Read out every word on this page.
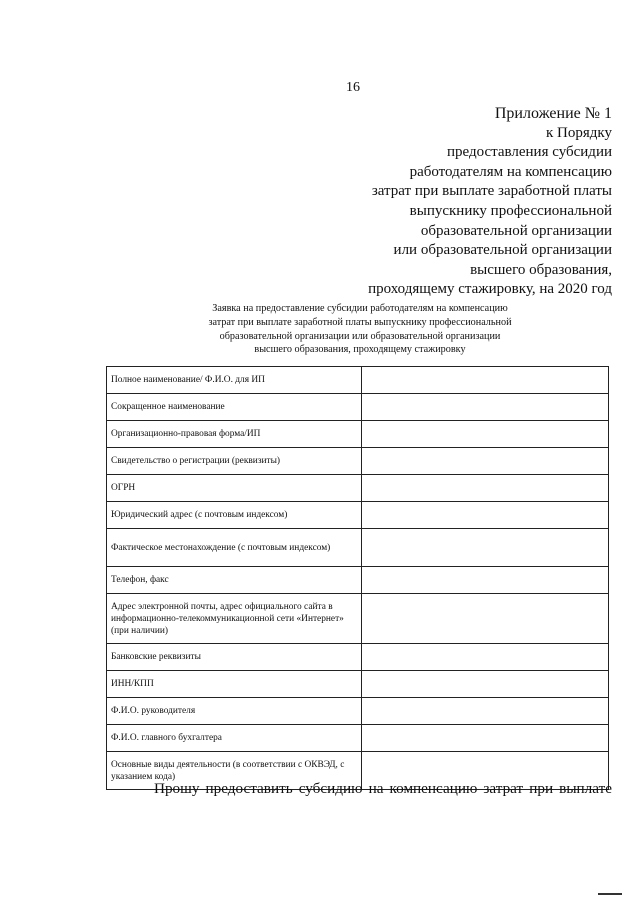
16
Приложение № 1
к Порядку
предоставления субсидии
работодателям на компенсацию
затрат при выплате заработной платы
выпускнику профессиональной
образовательной организации
или образовательной организации
высшего образования,
проходящему стажировку, на 2020 год
Заявка на предоставление субсидии работодателям на компенсацию
затрат при выплате заработной платы выпускнику профессиональной
образовательной организации или образовательной организации
высшего образования, проходящему стажировку
Полное наименование/ Ф.И.О. для ИП	
Сокращенное наименование	
Организационно-правовая форма/ИП	
Свидетельство о регистрации (реквизиты)	
ОГРН	
Юридический адрес (с почтовым индексом)	
Фактическое местонахождение (с почтовым индексом)	
Телефон, факс	
Адрес электронной почты, адрес официального сайта в информационно-телекоммуникационной сети «Интернет» (при наличии)	
Банковские реквизиты	
ИНН/КПП	
Ф.И.О. руководителя	
Ф.И.О. главного бухгалтера	
Основные виды деятельности (в соответствии с ОКВЭД, с указанием кода)	
Прошу предоставить субсидию на компенсацию затрат при выплате
